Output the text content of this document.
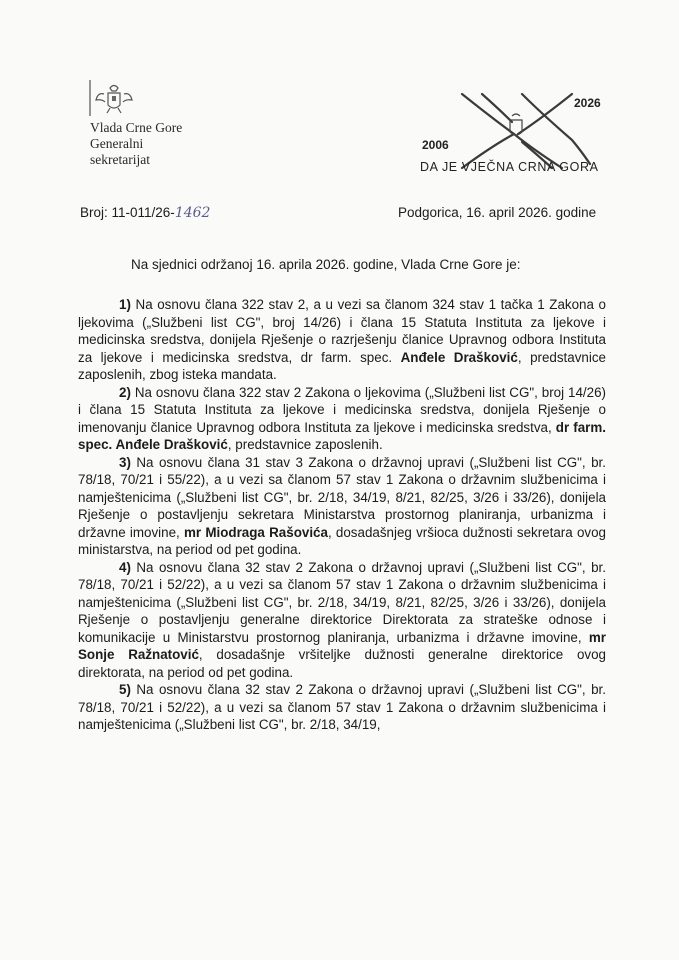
Vlada Crne Gore
Generalni
sekretarijat
2026
2006
DA JE VJEČNA CRNA GORA
Broj: 11-011/26-1462	Podgorica, 16. april 2026. godine
Na sjednici održanoj 16. aprila 2026. godine, Vlada Crne Gore je:

1) Na osnovu člana 322 stav 2, a u vezi sa članom 324 stav 1 tačka 1 Zakona o ljekovima („Službeni list CG", broj 14/26) i člana 15 Statuta Instituta za ljekove i medicinska sredstva, donijela Rješenje o razrješenju članice Upravnog odbora Instituta za ljekove i medicinska sredstva, dr farm. spec. Anđele Drašković, predstavnice zaposlenih, zbog isteka mandata.

2) Na osnovu člana 322 stav 2 Zakona o ljekovima („Službeni list CG", broj 14/26) i člana 15 Statuta Instituta za ljekove i medicinska sredstva, donijela Rješenje o imenovanju članice Upravnog odbora Instituta za ljekove i medicinska sredstva, dr farm. spec. Anđele Drašković, predstavnice zaposlenih.

3) Na osnovu člana 31 stav 3 Zakona o državnoj upravi („Službeni list CG", br. 78/18, 70/21 i 55/22), a u vezi sa članom 57 stav 1 Zakona o državnim službenicima i namještenicima („Službeni list CG", br. 2/18, 34/19, 8/21, 82/25, 3/26 i 33/26), donijela Rješenje o postavljenju sekretara Ministarstva prostornog planiranja, urbanizma i državne imovine, mr Miodraga Rašovića, dosadašnjeg vršioca dužnosti sekretara ovog ministarstva, na period od pet godina.

4) Na osnovu člana 32 stav 2 Zakona o državnoj upravi („Službeni list CG", br. 78/18, 70/21 i 52/22), a u vezi sa članom 57 stav 1 Zakona o državnim službenicima i namještenicima („Službeni list CG", br. 2/18, 34/19, 8/21, 82/25, 3/26 i 33/26), donijela Rješenje o postavljenju generalne direktorice Direktorata za strateške odnose i komunikacije u Ministarstvu prostornog planiranja, urbanizma i državne imovine, mr Sonje Ražnatović, dosadašnje vršiteljke dužnosti generalne direktorice ovog direktorata, na period od pet godina.

5) Na osnovu člana 32 stav 2 Zakona o državnoj upravi („Službeni list CG", br. 78/18, 70/21 i 52/22), a u vezi sa članom 57 stav 1 Zakona o državnim službenicima i namještenicima („Službeni list CG", br. 2/18, 34/19,
